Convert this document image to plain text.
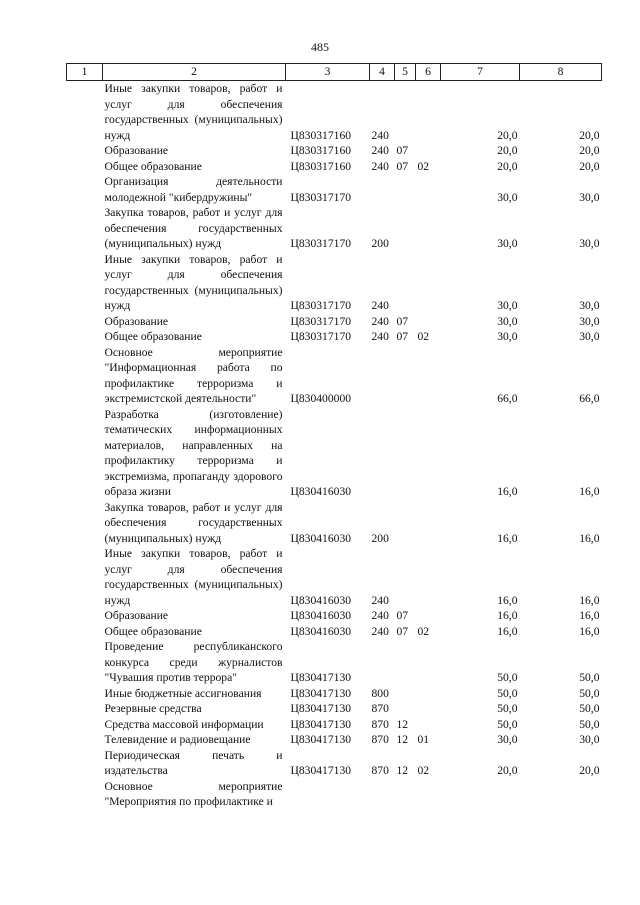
485
1	2	3	4	5	6	7	8
	Иные закупки товаров, работ и услуг для обеспечения государственных (муниципальных) нужд	Ц830317160	240			20,0	20,0
	Образование	Ц830317160	240	07		20,0	20,0
	Общее образование	Ц830317160	240	07	02	20,0	20,0
	Организация деятельности молодежной "кибердружины"	Ц830317170				30,0	30,0
	Закупка товаров, работ и услуг для обеспечения государственных (муниципальных) нужд	Ц830317170	200			30,0	30,0
	Иные закупки товаров, работ и услуг для обеспечения государственных (муниципальных) нужд	Ц830317170	240			30,0	30,0
	Образование	Ц830317170	240	07		30,0	30,0
	Общее образование	Ц830317170	240	07	02	30,0	30,0
	Основное мероприятие "Информационная работа по профилактике терроризма и экстремистской деятельности"	Ц830400000				66,0	66,0
	Разработка (изготовление) тематических информационных материалов, направленных на профилактику терроризма и экстремизма, пропаганду здорового образа жизни	Ц830416030				16,0	16,0
	Закупка товаров, работ и услуг для обеспечения государственных (муниципальных) нужд	Ц830416030	200			16,0	16,0
	Иные закупки товаров, работ и услуг для обеспечения государственных (муниципальных) нужд	Ц830416030	240			16,0	16,0
	Образование	Ц830416030	240	07		16,0	16,0
	Общее образование	Ц830416030	240	07	02	16,0	16,0
	Проведение республиканского конкурса среди журналистов "Чувашия против террора"	Ц830417130				50,0	50,0
	Иные бюджетные ассигнования	Ц830417130	800			50,0	50,0
	Резервные средства	Ц830417130	870			50,0	50,0
	Средства массовой информации	Ц830417130	870	12		50,0	50,0
	Телевидение и радиовещание	Ц830417130	870	12	01	30,0	30,0
	Периодическая печать и издательства	Ц830417130	870	12	02	20,0	20,0
	Основное мероприятие "Мероприятия по профилактике и						
